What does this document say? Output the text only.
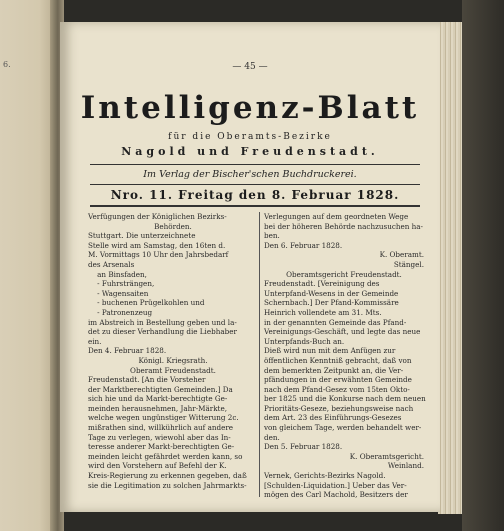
6.	— 45 —
Intelligenz-Blatt
für die Oberamts-Bezirke
Nagold und Freudenstadt.
Im Verlag der Bischer'schen Buchdruckerei.
Nro. 11. Freitag den 8. Februar 1828.

Verfügungen der Königlichen Bezirks-

Behörden.

Stuttgart. Die unterzeichnete

Stelle wird am Samstag, den 16ten d.

M. Vormittags 10 Uhr den Jahrsbedarf

des Arsenals

an Binsfaden,

- Fuhrsträngen,

- Wagensaiten

- buchenen Prügelkohlen und

- Patronenzeug

im Abstreich in Bestellung geben und la-

det zu dieser Verhandlung die Liebhaber

ein.

Den 4. Februar 1828.

Königl. Kriegsrath.

Oberamt Freudenstadt.

Freudenstadt. [An die Vorsteher

der Marktberechtigten Gemeinden.] Da

sich hie und da Markt-berechtigte Ge-

meinden herausnehmen, Jahr-Märkte,

welche wegen ungünstiger Witterung 2c.

mißrathen sind, willkührlich auf andere

Tage zu verlegen, wiewohl aber das In-

teresse anderer Markt-berechtigten Ge-

meinden leicht gefährdet werden kann, so

wird den Vorstehern auf Befehl der K.

Kreis-Regierung zu erkennen gegeben, daß

sie die Legitimation zu solchen Jahrmarkts-

Verlegungen auf dem geordneten Wege

bei der höheren Behörde nachzusuchen ha-

ben.

Den 6. Februar 1828.

K. Oberamt.

Stängel.

Oberamtsgericht Freudenstadt.

Freudenstadt. [Vereinigung des

Unterpfand-Wesens in der Gemeinde

Schernbach.] Der Pfand-Kommissäre

Heinrich vollendete am 31. Mts.

in der genannten Gemeinde das Pfand-

Vereinigungs-Geschäft, und legte das neue

Unterpfands-Buch an.

Dieß wird nun mit dem Anfügen zur

öffentlichen Kenntniß gebracht, daß von

dem bemerkten Zeitpunkt an, die Ver-

pfändungen in der erwähnten Gemeinde

nach dem Pfand-Gesez vom 15ten Okto-

ber 1825 und die Konkurse nach dem neuen

Prioritäts-Geseze, beziehungsweise nach

dem Art. 23 des Einführungs-Gesezes

von gleichem Tage, werden behandelt wer-

den.

Den 5. Februar 1828.

K. Oberamtsgericht.

Weinland.

Vernek, Gerichts-Bezirks Nagold.

[Schulden-Liquidation.] Ueber das Ver-

mögen des Carl Machold, Besitzers der
